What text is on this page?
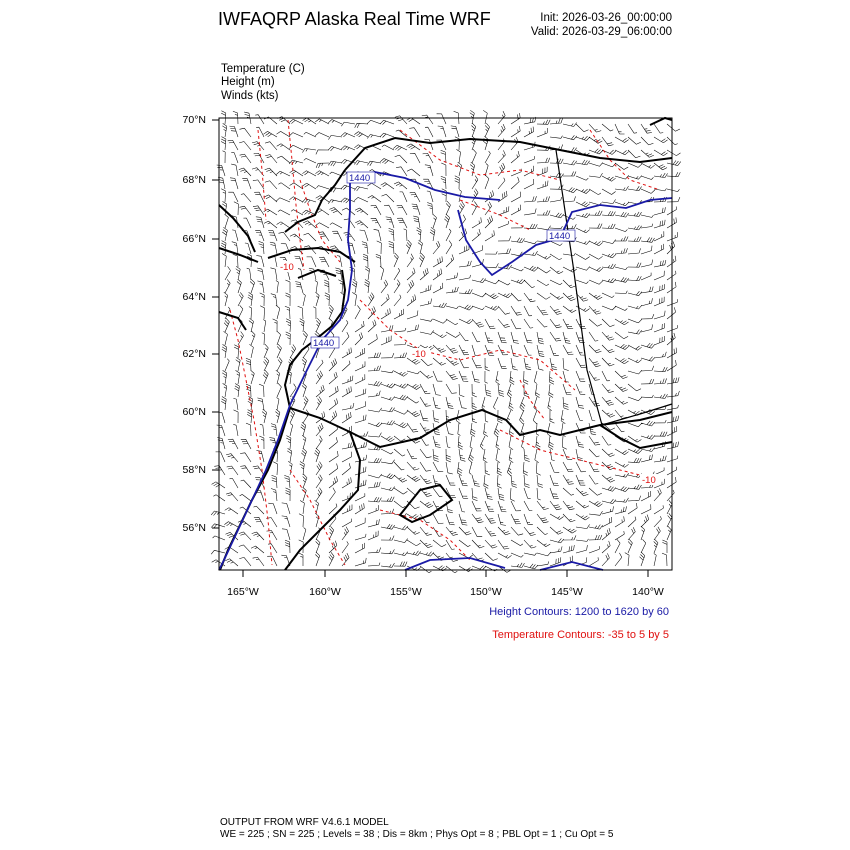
IWFAQRP Alaska Real Time WRF	Init: 2026-03-26_00:00:00
Valid: 2026-03-29_06:00:00
Temperature (C)
Height (m)
Winds (kts)
1440
1440
1440
-10
-10
-10
70°N
68°N
66°N
64°N
62°N
60°N
58°N
56°N
165°W	160°W	155°W	150°W	145°W	140°W
Height Contours: 1200 to 1620 by 60
Temperature Contours: -35 to 5 by 5
OUTPUT FROM WRF V4.6.1 MODEL
WE = 225 ; SN = 225 ; Levels = 38 ; Dis = 8km ; Phys Opt = 8 ; PBL Opt = 1 ; Cu Opt = 5
